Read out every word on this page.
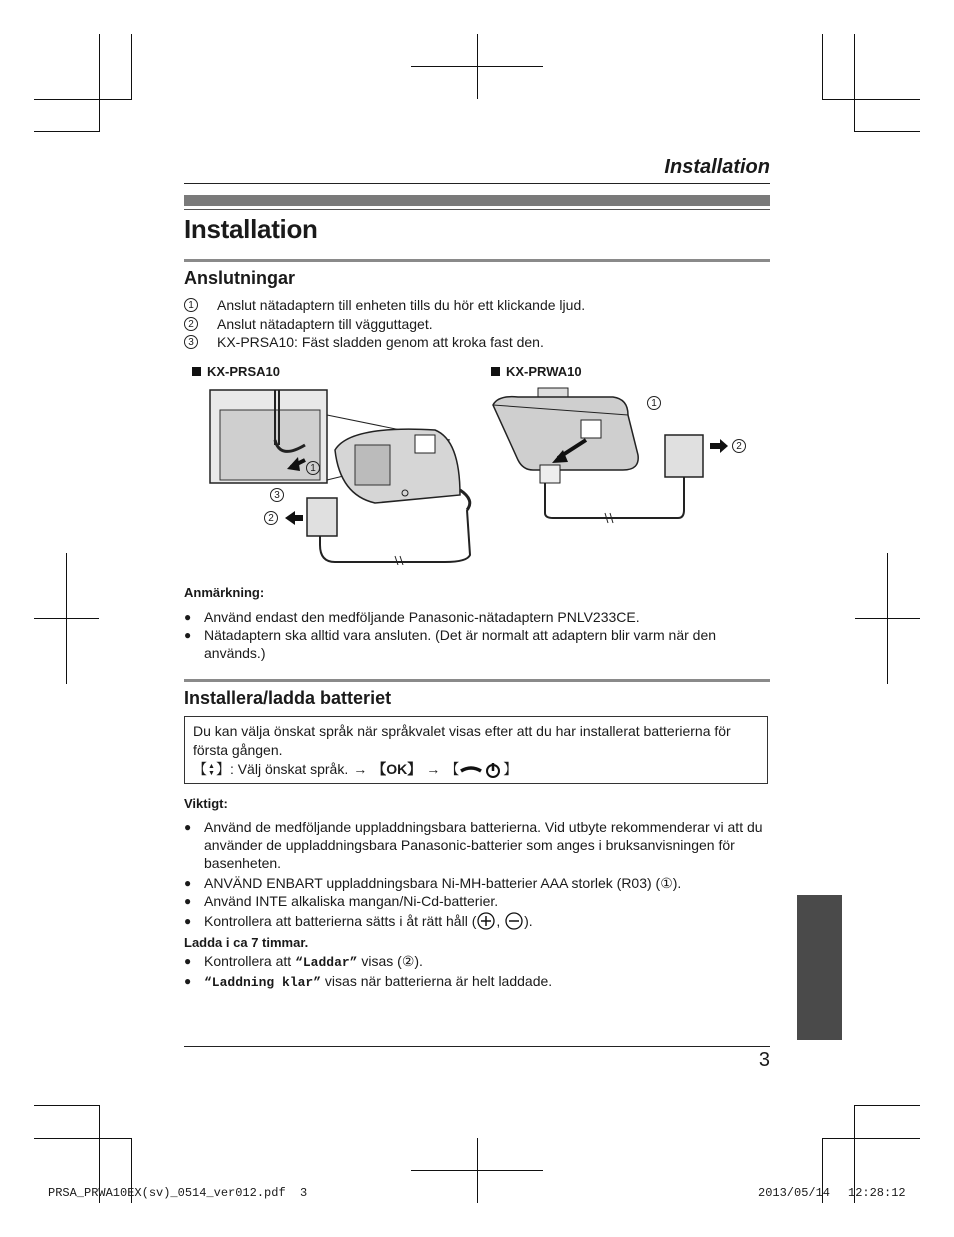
Installation
Installation
Anslutningar
1	Anslut nätadaptern till enheten tills du hör ett klickande ljud.
2	Anslut nätadaptern till vägguttaget.
3	KX-PRSA10: Fäst sladden genom att kroka fast den.
KX-PRSA10	KX-PRWA10
1
3
2
1
2
Anmärkning:
● Använd endast den medföljande Panasonic-nätadaptern PNLV233CE.
● Nätadaptern ska alltid vara ansluten. (Det är normalt att adaptern blir varm när den används.)
Installera/ladda batteriet
Du kan välja önskat språk när språkvalet visas efter att du har installerat batterierna för första gången.
【 ▲
▼ 】 : Välj önskat språk. → 【OK】 → 【	】
Viktigt:
● Använd de medföljande uppladdningsbara batterierna. Vid utbyte rekommenderar vi att du använder de uppladdningsbara Panasonic-batterier som anges i bruksanvisningen för basenheten.
● ANVÄND ENBART uppladdningsbara Ni-MH-batterier AAA storlek (R03) (①).
● Använd INTE alkaliska mangan/Ni-Cd-batterier.
● Kontrollera att batterierna sätts i åt rätt håll ( , ).
Ladda i ca 7 timmar.
● Kontrollera att “Laddar” visas (②).
● “Laddning klar” visas när batterierna är helt laddade.
3
PRSA_PRWA10EX(sv)_0514_ver012.pdf 3	2013/05/14 12:28:12
